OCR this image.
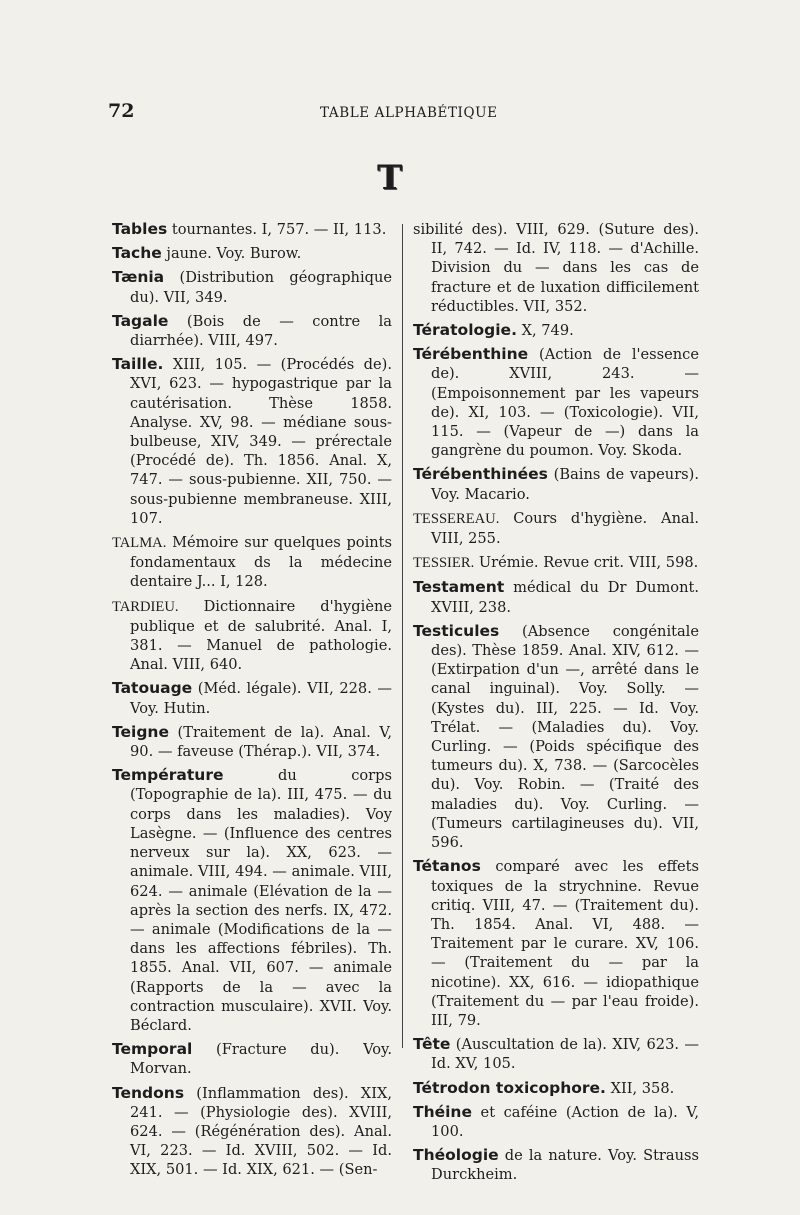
72	TABLE ALPHABÉTIQUE
T

Tables tournantes. I, 757. — II, 113.

Tache jaune. Voy. Burow.

Tænia (Distribution géographique du). VII, 349.

Tagale (Bois de — contre la diarrhée). VIII, 497.

Taille. XIII, 105. — (Procédés de). XVI, 623. — hypogastrique par la cautérisation. Thèse 1858. Analyse. XV, 98. — médiane sous-bulbeuse, XIV, 349. — prérectale (Procédé de). Th. 1856. Anal. X, 747. — sous-pubienne. XII, 750. — sous-pubienne membraneuse. XIII, 107.

TALMA. Mémoire sur quelques points fondamentaux ds la médecine dentaire J... I, 128.

TARDIEU. Dictionnaire d'hygiène publique et de salubrité. Anal. I, 381. — Manuel de pathologie. Anal. VIII, 640.

Tatouage (Méd. légale). VII, 228. — Voy. Hutin.

Teigne (Traitement de la). Anal. V, 90. — faveuse (Thérap.). VII, 374.

Température du corps (Topographie de la). III, 475. — du corps dans les maladies). Voy Lasègne. — (Influence des centres nerveux sur la). XX, 623. — animale. VIII, 494. — animale. VIII, 624. — animale (Elévation de la — après la section des nerfs. IX, 472. — animale (Modifications de la — dans les affections fébriles). Th. 1855. Anal. VII, 607. — animale (Rapports de la — avec la contraction musculaire). XVII. Voy. Béclard.

Temporal (Fracture du). Voy. Morvan.

Tendons (Inflammation des). XIX, 241. — (Physiologie des). XVIII, 624. — (Régénération des). Anal. VI, 223. — Id. XVIII, 502. — Id. XIX, 501. — Id. XIX, 621. — (Sen-

sibilité des). VIII, 629. (Suture des). II, 742. — Id. IV, 118. — d'Achille. Division du — dans les cas de fracture et de luxation difficilement réductibles. VII, 352.

Tératologie. X, 749.

Térébenthine (Action de l'essence de). XVIII, 243. — (Empoisonnement par les vapeurs de). XI, 103. — (Toxicologie). VII, 115. — (Vapeur de —) dans la gangrène du poumon. Voy. Skoda.

Térébenthinées (Bains de vapeurs). Voy. Macario.

TESSEREAU. Cours d'hygiène. Anal. VIII, 255.

TESSIER. Urémie. Revue crit. VIII, 598.

Testament médical du Dr Dumont. XVIII, 238.

Testicules (Absence congénitale des). Thèse 1859. Anal. XIV, 612. — (Extirpation d'un —, arrêté dans le canal inguinal). Voy. Solly. — (Kystes du). III, 225. — Id. Voy. Trélat. — (Maladies du). Voy. Curling. — (Poids spécifique des tumeurs du). X, 738. — (Sarcocèles du). Voy. Robin. — (Traité des maladies du). Voy. Curling. — (Tumeurs cartilagineuses du). VII, 596.

Tétanos comparé avec les effets toxiques de la strychnine. Revue critiq. VIII, 47. — (Traitement du). Th. 1854. Anal. VI, 488. — Traitement par le curare. XV, 106. — (Traitement du — par la nicotine). XX, 616. — idiopathique (Traitement du — par l'eau froide). III, 79.

Tête (Auscultation de la). XIV, 623. — Id. XV, 105.

Tétrodon toxicophore. XII, 358.

Théine et caféine (Action de la). V, 100.

Théologie de la nature. Voy. Strauss Durckheim.
